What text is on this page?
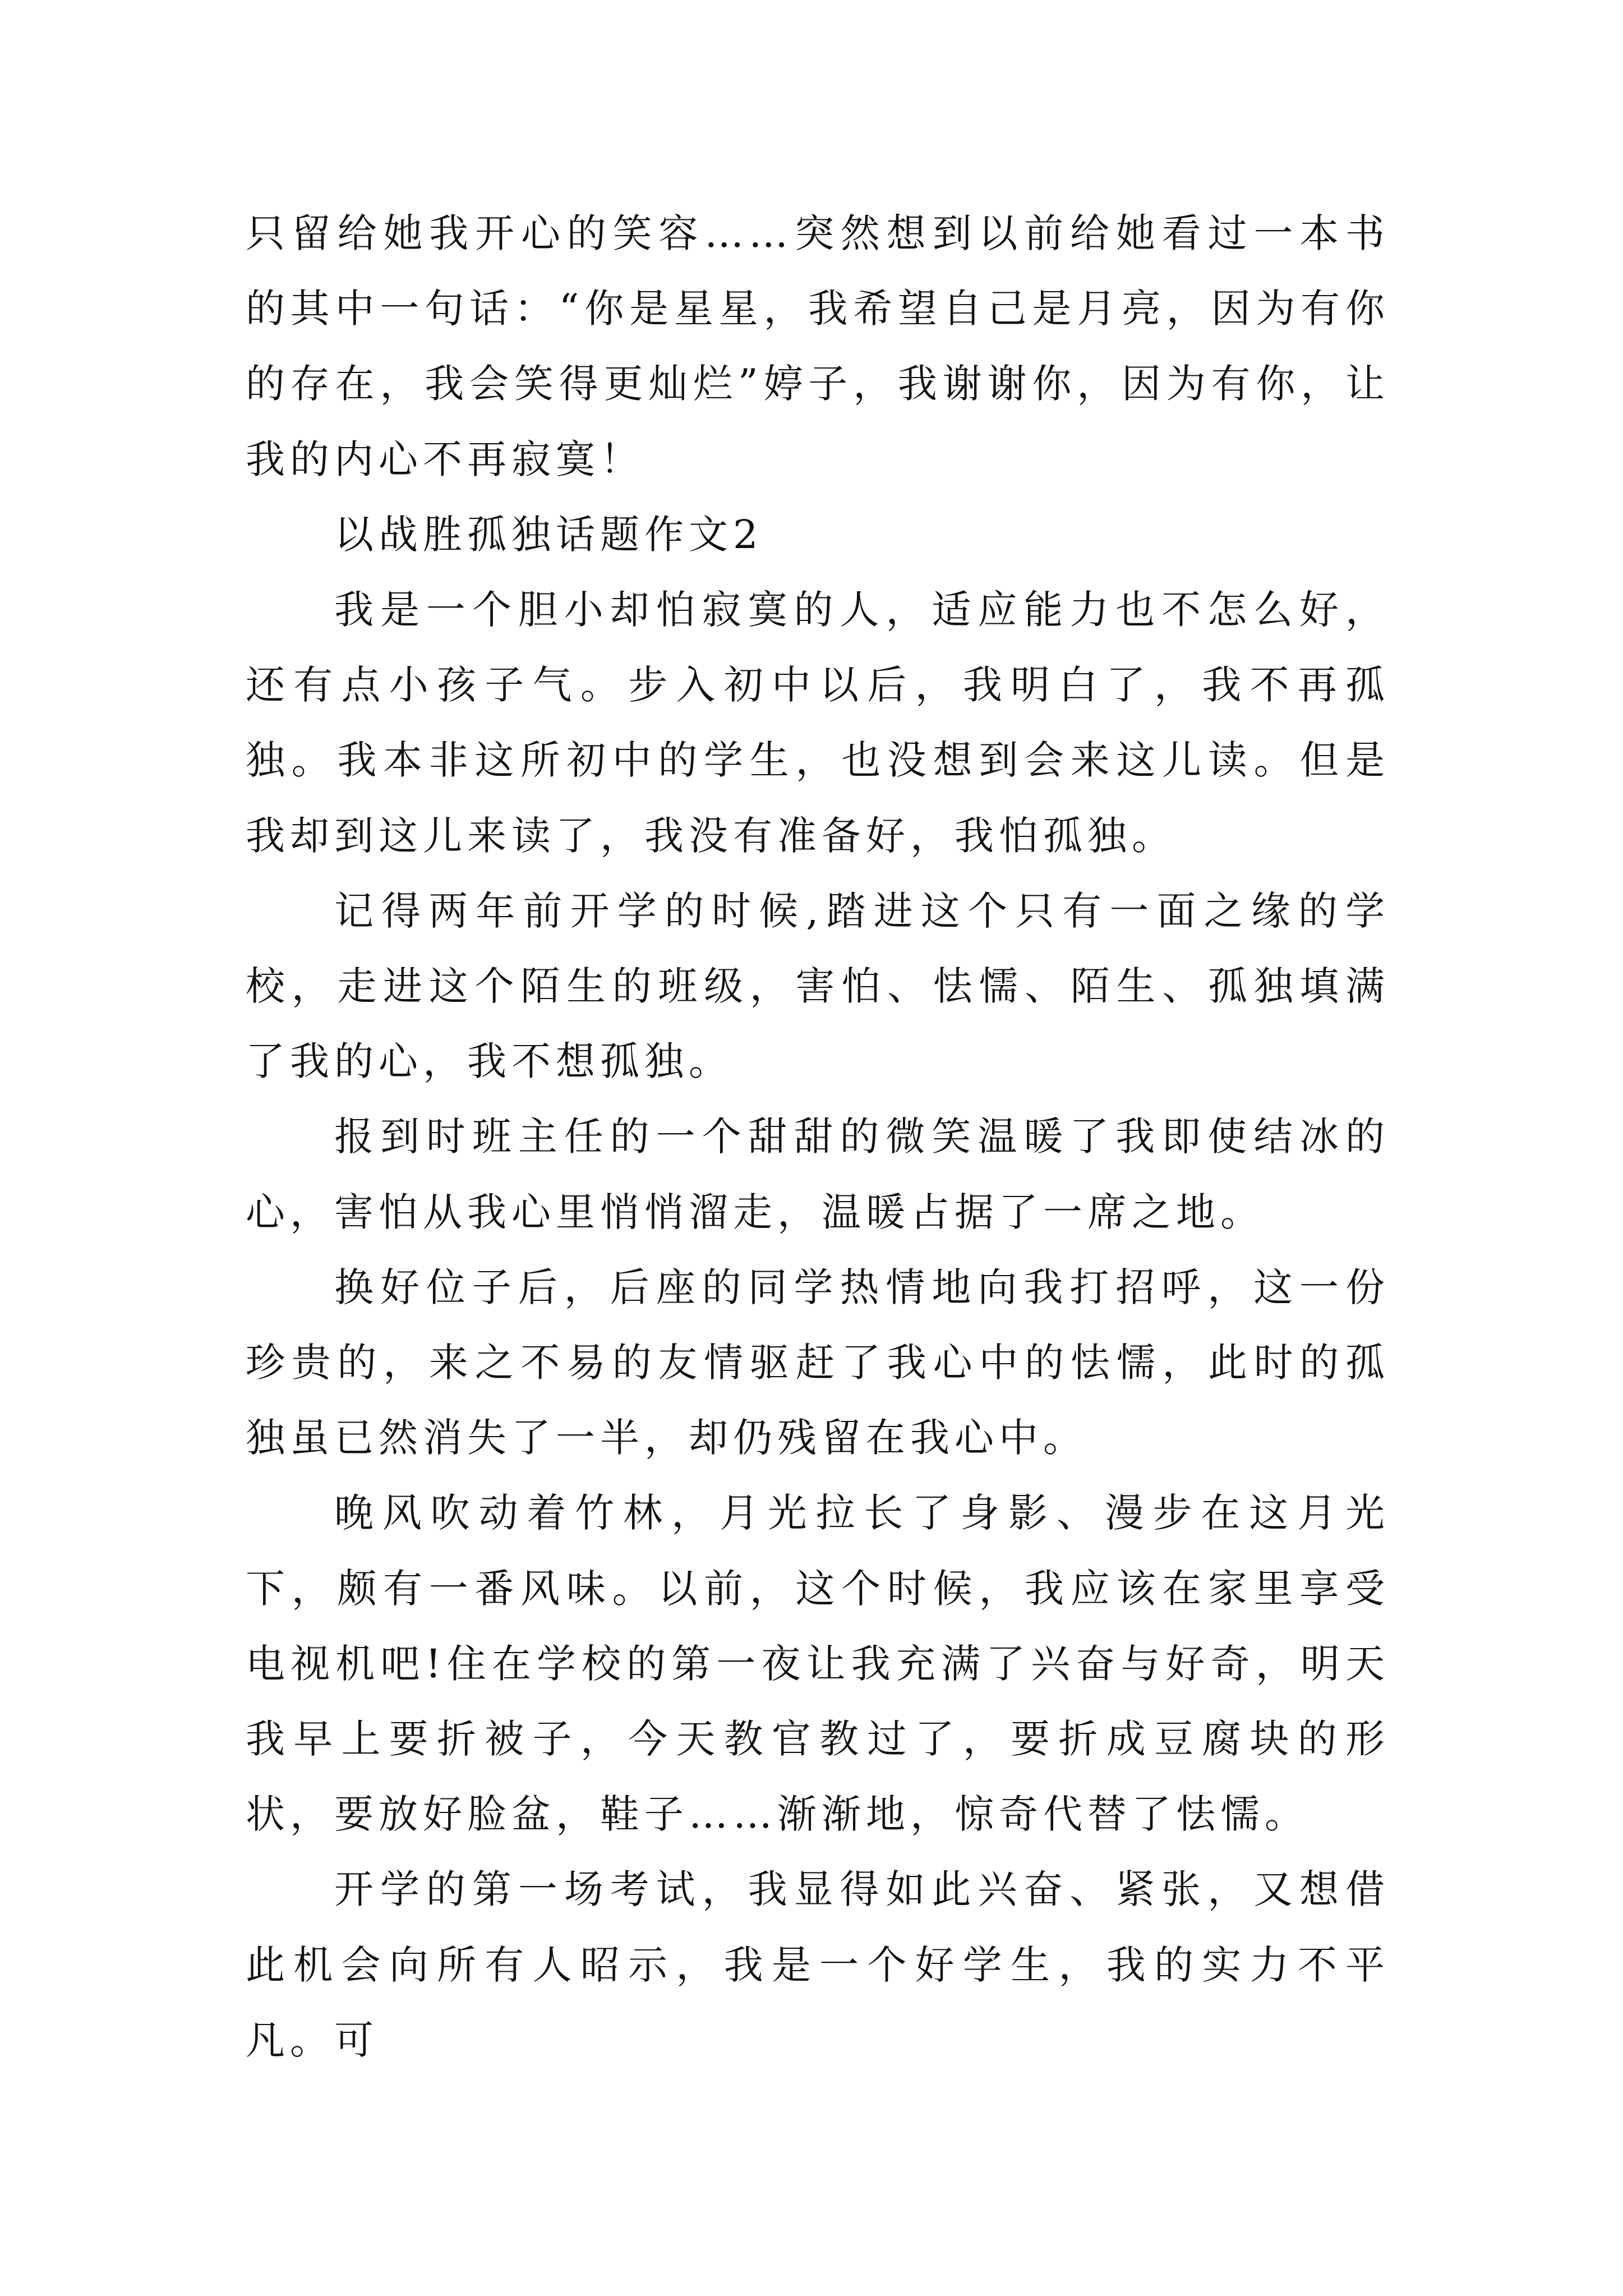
只留给她我开心的笑容……突然想到以前给她看过一本书的其中一句话：“你是星星，我希望自己是月亮，因为有你的存在，我会笑得更灿烂”婷子，我谢谢你，因为有你，让我的内心不再寂寞！

以战胜孤独话题作文2

我是一个胆小却怕寂寞的人，适应能力也不怎么好，还有点小孩子气。步入初中以后，我明白了，我不再孤独。我本非这所初中的学生，也没想到会来这儿读。但是我却到这儿来读了，我没有准备好，我怕孤独。

记得两年前开学的时候,踏进这个只有一面之缘的学校，走进这个陌生的班级，害怕、怯懦、陌生、孤独填满了我的心，我不想孤独。

报到时班主任的一个甜甜的微笑温暖了我即使结冰的心，害怕从我心里悄悄溜走，温暖占据了一席之地。

换好位子后，后座的同学热情地向我打招呼，这一份珍贵的，来之不易的友情驱赶了我心中的怯懦，此时的孤独虽已然消失了一半，却仍残留在我心中。

晚风吹动着竹林，月光拉长了身影、漫步在这月光下，颇有一番风味。以前，这个时候，我应该在家里享受电视机吧!住在学校的第一夜让我充满了兴奋与好奇，明天我早上要折被子，今天教官教过了，要折成豆腐块的形状，要放好脸盆，鞋子……渐渐地，惊奇代替了怯懦。

开学的第一场考试，我显得如此兴奋、紧张，又想借此机会向所有人昭示，我是一个好学生，我的实力不平凡。可
